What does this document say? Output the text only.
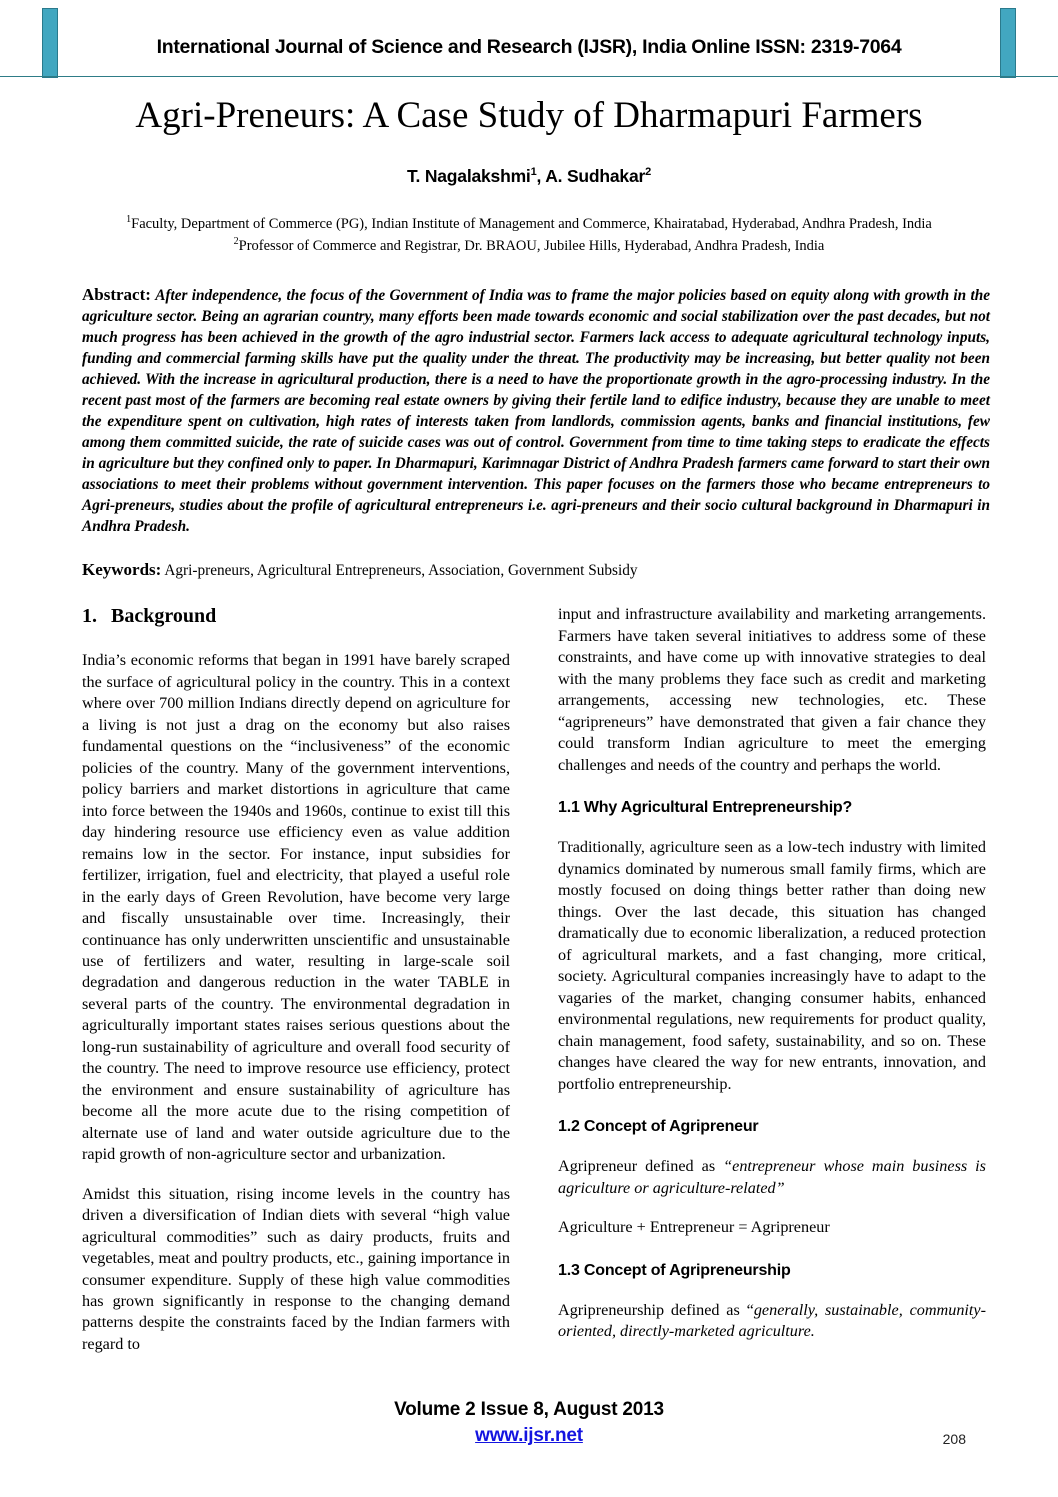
International Journal of Science and Research (IJSR), India Online ISSN: 2319-7064
Agri-Preneurs: A Case Study of Dharmapuri Farmers
T. Nagalakshmi$^1$, A. Sudhakar$^2$
$^1$Faculty, Department of Commerce (PG), Indian Institute of Management and Commerce, Khairatabad, Hyderabad, Andhra Pradesh, India
$^2$Professor of Commerce and Registrar, Dr. BRAOU, Jubilee Hills, Hyderabad, Andhra Pradesh, India
Abstract: After independence, the focus of the Government of India was to frame the major policies based on equity along with growth in the agriculture sector. Being an agrarian country, many efforts been made towards economic and social stabilization over the past decades, but not much progress has been achieved in the growth of the agro industrial sector. Farmers lack access to adequate agricultural technology inputs, funding and commercial farming skills have put the quality under the threat. The productivity may be increasing, but better quality not been achieved. With the increase in agricultural production, there is a need to have the proportionate growth in the agro-processing industry. In the recent past most of the farmers are becoming real estate owners by giving their fertile land to edifice industry, because they are unable to meet the expenditure spent on cultivation, high rates of interests taken from landlords, commission agents, banks and financial institutions, few among them committed suicide, the rate of suicide cases was out of control. Government from time to time taking steps to eradicate the effects in agriculture but they confined only to paper. In Dharmapuri, Karimnagar District of Andhra Pradesh farmers came forward to start their own associations to meet their problems without government intervention. This paper focuses on the farmers those who became entrepreneurs to Agri-preneurs, studies about the profile of agricultural entrepreneurs i.e. agri-preneurs and their socio cultural background in Dharmapuri in Andhra Pradesh.
Keywords: Agri-preneurs, Agricultural Entrepreneurs, Association, Government Subsidy
1. Background

India’s economic reforms that began in 1991 have barely scraped the surface of agricultural policy in the country. This in a context where over 700 million Indians directly depend on agriculture for a living is not just a drag on the economy but also raises fundamental questions on the “inclusiveness” of the economic policies of the country. Many of the government interventions, policy barriers and market distortions in agriculture that came into force between the 1940s and 1960s, continue to exist till this day hindering resource use efficiency even as value addition remains low in the sector. For instance, input subsidies for fertilizer, irrigation, fuel and electricity, that played a useful role in the early days of Green Revolution, have become very large and fiscally unsustainable over time. Increasingly, their continuance has only underwritten unscientific and unsustainable use of fertilizers and water, resulting in large-scale soil degradation and dangerous reduction in the water TABLE in several parts of the country. The environmental degradation in agriculturally important states raises serious questions about the long-run sustainability of agriculture and overall food security of the country. The need to improve resource use efficiency, protect the environment and ensure sustainability of agriculture has become all the more acute due to the rising competition of alternate use of land and water outside agriculture due to the rapid growth of non-agriculture sector and urbanization.

Amidst this situation, rising income levels in the country has driven a diversification of Indian diets with several “high value agricultural commodities” such as dairy products, fruits and vegetables, meat and poultry products, etc., gaining importance in consumer expenditure. Supply of these high value commodities has grown significantly in response to the changing demand patterns despite the constraints faced by the Indian farmers with regard to

input and infrastructure availability and marketing arrangements. Farmers have taken several initiatives to address some of these constraints, and have come up with innovative strategies to deal with the many problems they face such as credit and marketing arrangements, accessing new technologies, etc. These “agripreneurs” have demonstrated that given a fair chance they could transform Indian agriculture to meet the emerging challenges and needs of the country and perhaps the world.

1.1 Why Agricultural Entrepreneurship?

Traditionally, agriculture seen as a low-tech industry with limited dynamics dominated by numerous small family firms, which are mostly focused on doing things better rather than doing new things. Over the last decade, this situation has changed dramatically due to economic liberalization, a reduced protection of agricultural markets, and a fast changing, more critical, society. Agricultural companies increasingly have to adapt to the vagaries of the market, changing consumer habits, enhanced environmental regulations, new requirements for product quality, chain management, food safety, sustainability, and so on. These changes have cleared the way for new entrants, innovation, and portfolio entrepreneurship.

1.2 Concept of Agripreneur

Agripreneur defined as “entrepreneur whose main business is agriculture or agriculture-related”

Agriculture + Entrepreneur = Agripreneur

1.3 Concept of Agripreneurship

Agripreneurship defined as “generally, sustainable, community-oriented, directly-marketed agriculture.

Volume 2 Issue 8, August 2013
www.ijsr.net	208
